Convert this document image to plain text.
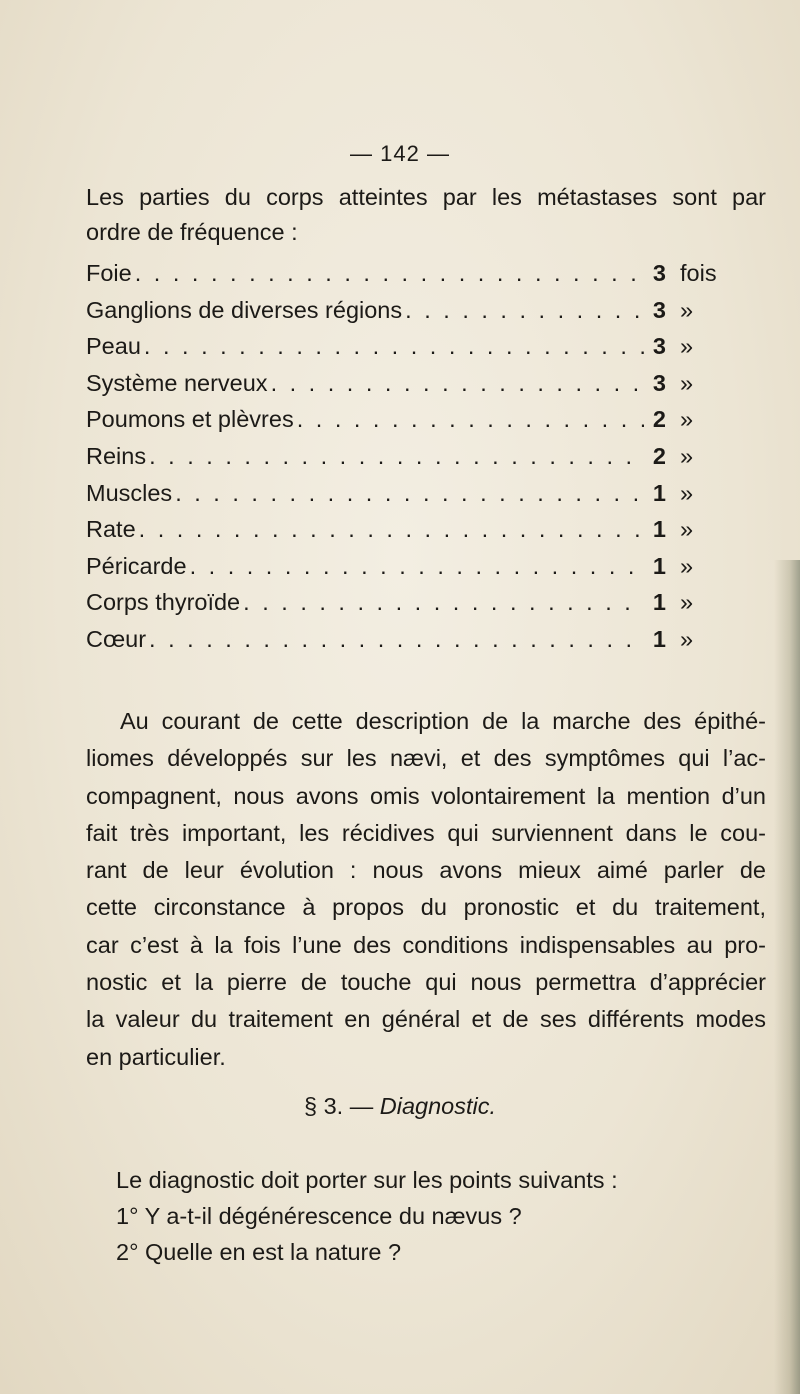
— 142 —
Les parties du corps atteintes par les métastases sont par
ordre de fréquence :
Foie . . .	3 fois
Ganglions de diverses régions . . .	3 »
Peau . . .	3 »
Système nerveux . . .	3 »
Poumons et plèvres . . .	2 »
Reins . . .	2 »
Muscles . . .	1 »
Rate . . .	1 »
Péricarde . . .	1 »
Corps thyroïde . . .	1 »
Cœur . . .	1 »

Au courant de cette description de la marche des épithé-
liomes développés sur les nævi, et des symptômes qui l’ac-
compagnent, nous avons omis volontairement la mention d’un
fait très important, les récidives qui surviennent dans le cou-
rant de leur évolution : nous avons mieux aimé parler de
cette circonstance à propos du pronostic et du traitement,
car c’est à la fois l’une des conditions indispensables au pro-
nostic et la pierre de touche qui nous permettra d’apprécier
la valeur du traitement en général et de ses différents modes
en particulier.

§ 3. — Diagnostic.
Le diagnostic doit porter sur les points suivants :
1° Y a-t-il dégénérescence du nævus ?
2° Quelle en est la nature ?
